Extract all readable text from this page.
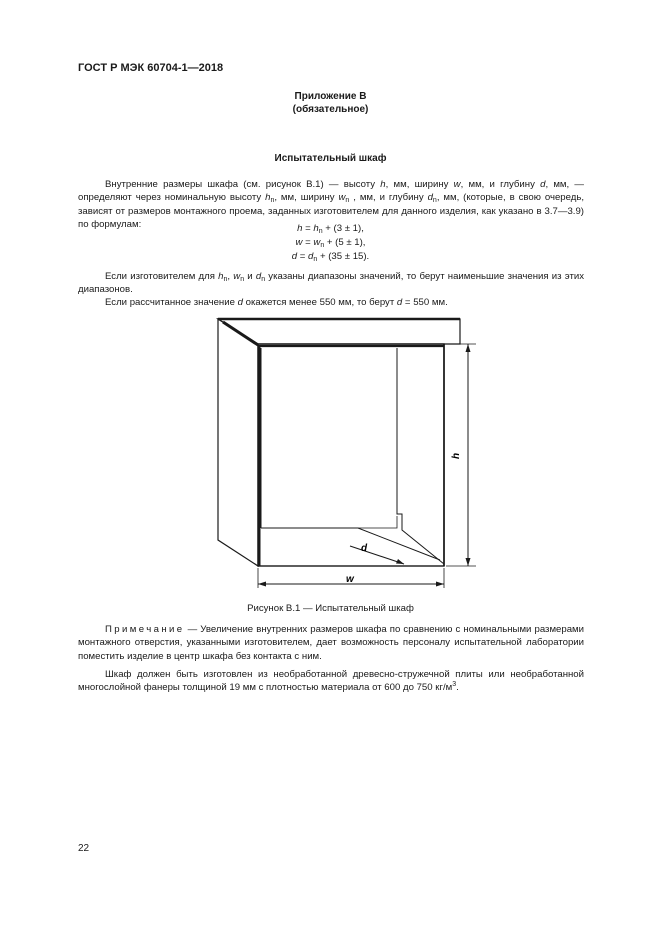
ГОСТ Р МЭК 60704-1—2018
Приложение В
(обязательное)
Испытательный шкаф

Внутренние размеры шкафа (см. рисунок В.1) — высоту h, мм, ширину w, мм, и глубину d, мм, — определяют через номинальную высоту $h_n$, мм, ширину $w_n$ , мм, и глубину $d_n$, мм, (которые, в свою очередь, зависят от размеров монтажного проема, заданных изготовителем для данного изделия, как указано в 3.7—3.9) по формулам:	$h = h_n + (3 \pm 1)$,
$w = w_n + (5 \pm 1)$,
$d = d_n + (35 \pm 15)$.

Если изготовителем для $h_n$, $w_n$ и $d_n$ указаны диапазоны значений, то берут наименьшие значения из этих диапазонов.

Если рассчитанное значение d окажется менее 550 мм, то берут d = 550 мм.

h
w
d
Рисунок В.1 — Испытательный шкаф

Примечание — Увеличение внутренних размеров шкафа по сравнению с номинальными размерами монтажного отверстия, указанными изготовителем, дает возможность персоналу испытательной лаборатории поместить изделие в центр шкафа без контакта с ним.

Шкаф должен быть изготовлен из необработанной древесно-стружечной плиты или необработанной многослойной фанеры толщиной 19 мм с плотностью материала от 600 до 750 $кг/м^3$.

22
